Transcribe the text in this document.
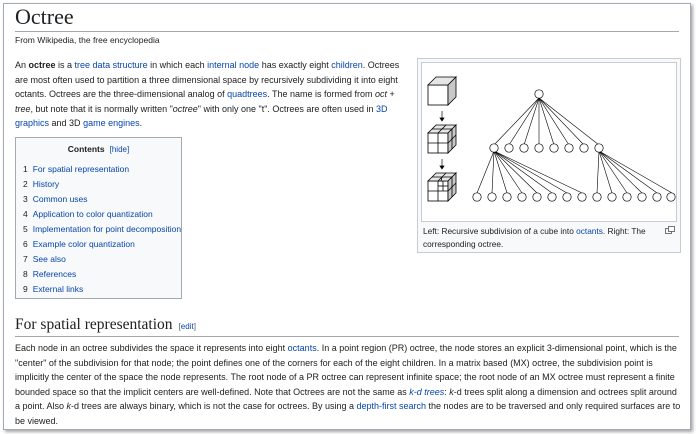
Octree
From Wikipedia, the free encyclopedia

An octree is a tree data structure in which each internal node has exactly eight children. Octrees are most often used to partition a three dimensional space by recursively subdividing it into eight octants. Octrees are the three-dimensional analog of quadtrees. The name is formed from oct + tree, but note that it is normally written "octree" with only one "t". Octrees are often used in 3D graphics and 3D game engines.

Contents [hide]
1 For spatial representation
2 History
3 Common uses
4 Application to color quantization
5 Implementation for point decomposition
6 Example color quantization
7 See also
8 References
9 External links
Left: Recursive subdivision of a cube into octants. Right: The corresponding octree.
For spatial representation [edit]

Each node in an octree subdivides the space it represents into eight octants. In a point region (PR) octree, the node stores an explicit 3-dimensional point, which is the "center" of the subdivision for that node; the point defines one of the corners for each of the eight children. In a matrix based (MX) octree, the subdivision point is implicitly the center of the space the node represents. The root node of a PR octree can represent infinite space; the root node of an MX octree must represent a finite bounded space so that the implicit centers are well-defined. Note that Octrees are not the same as k-d trees: k-d trees split along a dimension and octrees split around a point. Also k-d trees are always binary, which is not the case for octrees. By using a depth-first search the nodes are to be traversed and only required surfaces are to be viewed.
